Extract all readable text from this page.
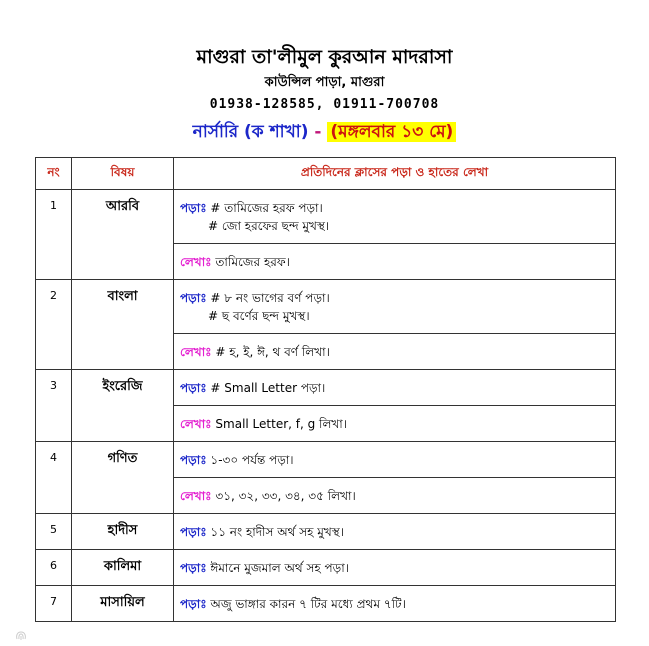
মাগুরা তা'লীমুল কুরআন মাদরাসা
কাউন্সিল পাড়া, মাগুরা
01938-128585, 01911-700708
নার্সারি (ক শাখা) - (মঙ্গলবার ১৩ মে)
নং	বিষয়	প্রতিদিনের ক্লাসের পড়া ও হাতের লেখা
1	আরবি	পড়াঃ # তামিজের হরফ পড়া।
# জো হরফের ছন্দ মুখস্থ।

		লেখাঃ তামিজের হরফ।

2	বাংলা	পড়াঃ # ৮ নং ভাগের বর্ণ পড়া।
# ছ বর্ণের ছন্দ মুখস্থ।

		লেখাঃ # হ, ই, ঈ, থ বর্ণ লিখা।

3	ইংরেজি	পড়াঃ # Small Letter পড়া।

		লেখাঃ Small Letter, f, g লিখা।

4	গণিত	পড়াঃ ১-৩০ পর্যন্ত পড়া।

		লেখাঃ ৩১, ৩২, ৩৩, ৩৪, ৩৫ লিখা।

5	হাদীস	পড়াঃ ১১ নং হাদীস অর্থ সহ মুখস্থ।

6	কালিমা	পড়াঃ ঈমানে মুজমাল অর্থ সহ পড়া।

7	মাসায়িল	পড়াঃ অজু ভাঙ্গার কারন ৭ টির মধ্যে প্রথম ৭টি।
